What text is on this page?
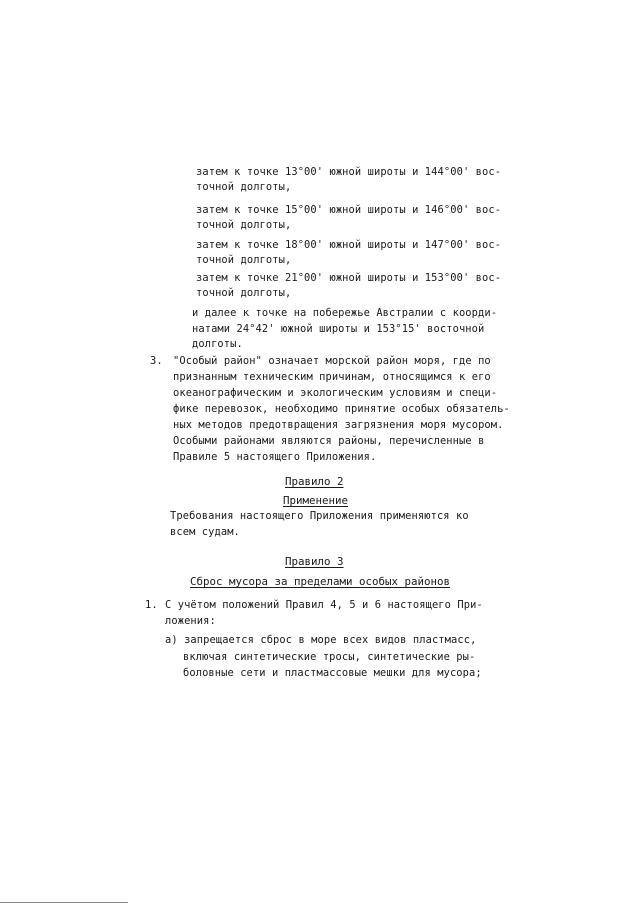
затем к точке 13°00' южной широты и 144°00' вос-
точной долготы,
затем к точке 15°00' южной широты и 146°00' вос-
точной долготы,
затем к точке 18°00' южной широты и 147°00' вос-
точной долготы,
затем к точке 21°00' южной широты и 153°00' вос-
точной долготы,
и далее к точке на побережье Австралии с коорди-
натами 24°42' южной широты и 153°15' восточной
долготы.
3. "Особый район" означает морской район моря, где по
признанным техническим причинам, относящимся к его
океанографическим и экологическим условиям и специ-
фике перевозок, необходимо принятие особых обязатель-
ных методов предотвращения загрязнения моря мусором.
Особыми районами являются районы, перечисленные в
Правиле 5 настоящего Приложения.
Правило 2
Применение
Требования настоящего Приложения применяются ко
всем судам.
Правило 3
Сброс мусора за пределами особых районов
1. С учётом положений Правил 4, 5 и 6 настоящего При-
ложения:
a) запрещается сброс в море всех видов пластмасс,
включая синтетические тросы, синтетические ры-
боловные сети и пластмассовые мешки для мусора;
